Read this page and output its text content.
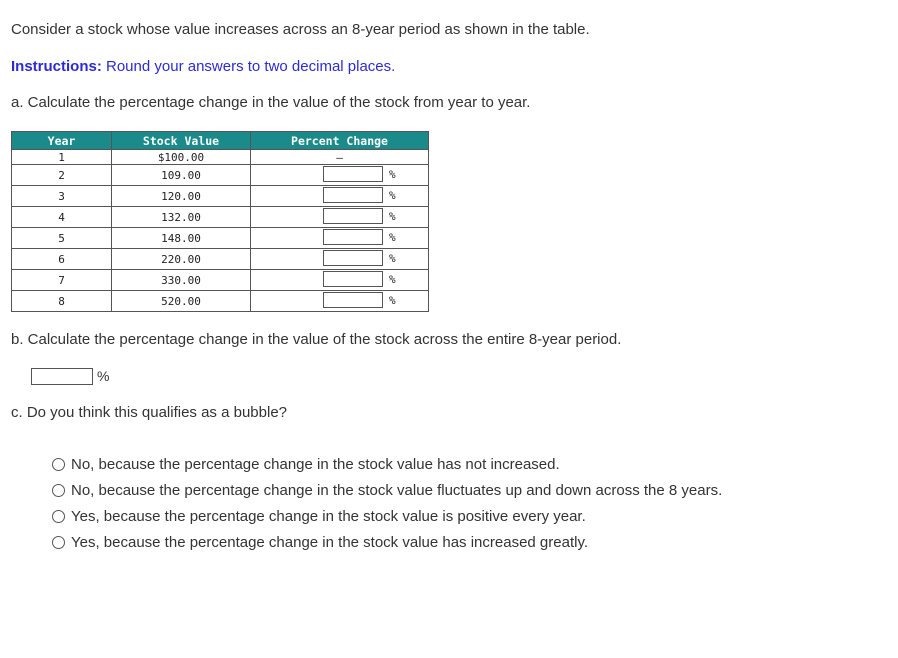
Consider a stock whose value increases across an 8-year period as shown in the table.
Instructions: Round your answers to two decimal places.
a. Calculate the percentage change in the value of the stock from year to year.
Year	Stock Value	Percent Change
1	$100.00	–
2	109.00	%

3	120.00	%

4	132.00	%

5	148.00	%

6	220.00	%

7	330.00	%

8	520.00	%
b. Calculate the percentage change in the value of the stock across the entire 8-year period.
%
c. Do you think this qualifies as a bubble?
No, because the percentage change in the stock value has not increased.
No, because the percentage change in the stock value fluctuates up and down across the 8 years.
Yes, because the percentage change in the stock value is positive every year.
Yes, because the percentage change in the stock value has increased greatly.
